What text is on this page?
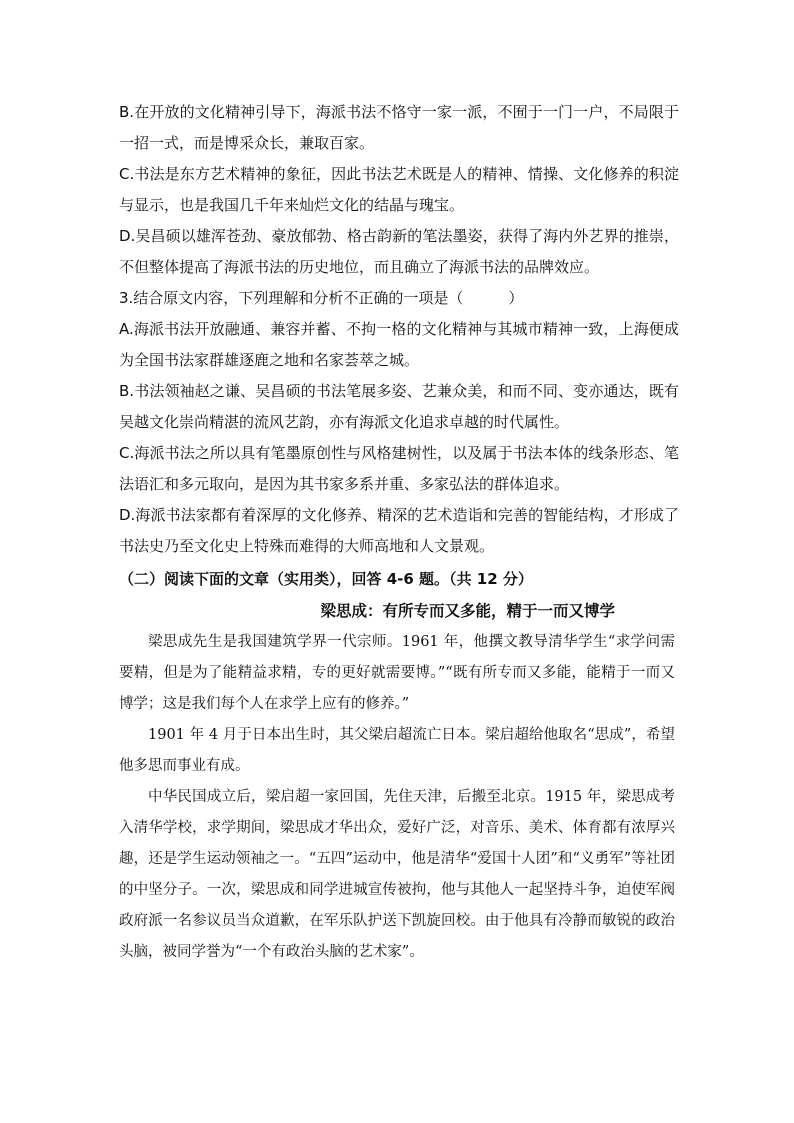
B.在开放的文化精神引导下，海派书法不恪守一家一派，不囿于一门一户，不局限于一招一式，而是博采众长，兼取百家。

C.书法是东方艺术精神的象征，因此书法艺术既是人的精神、情操、文化修养的积淀与显示，也是我国几千年来灿烂文化的结晶与瑰宝。

D.吴昌硕以雄浑苍劲、豪放郁勃、格古韵新的笔法墨姿，获得了海内外艺界的推崇，不但整体提高了海派书法的历史地位，而且确立了海派书法的品牌效应。

3.结合原文内容，下列理解和分析不正确的一项是（　　　）

A.海派书法开放融通、兼容并蓄、不拘一格的文化精神与其城市精神一致，上海便成为全国书法家群雄逐鹿之地和名家荟萃之城。

B.书法领袖赵之谦、吴昌硕的书法笔展多姿、艺兼众美，和而不同、变亦通达，既有吴越文化崇尚精湛的流风艺韵，亦有海派文化追求卓越的时代属性。

C.海派书法之所以具有笔墨原创性与风格建树性，以及属于书法本体的线条形态、笔法语汇和多元取向，是因为其书家多系并重、多家弘法的群体追求。

D.海派书法家都有着深厚的文化修养、精深的艺术造诣和完善的智能结构，才形成了书法史乃至文化史上特殊而难得的大师高地和人文景观。

（二）阅读下面的文章（实用类），回答 4-6 题。（共 12 分）

梁思成：有所专而又多能，精于一而又博学

梁思成先生是我国建筑学界一代宗师。1961 年，他撰文教导清华学生“求学问需要精，但是为了能精益求精，专的更好就需要博。”“既有所专而又多能，能精于一而又博学；这是我们每个人在求学上应有的修养。”

1901 年 4 月于日本出生时，其父梁启超流亡日本。梁启超给他取名“思成”，希望他多思而事业有成。

中华民国成立后，梁启超一家回国，先住天津，后搬至北京。1915 年，梁思成考入清华学校，求学期间，梁思成才华出众，爱好广泛，对音乐、美术、体育都有浓厚兴趣，还是学生运动领袖之一。“五四”运动中，他是清华“爱国十人团”和“义勇军”等社团的中坚分子。一次，梁思成和同学进城宣传被拘，他与其他人一起坚持斗争，迫使军阀政府派一名参议员当众道歉，在军乐队护送下凯旋回校。由于他具有冷静而敏锐的政治头脑，被同学誉为“一个有政治头脑的艺术家”。
